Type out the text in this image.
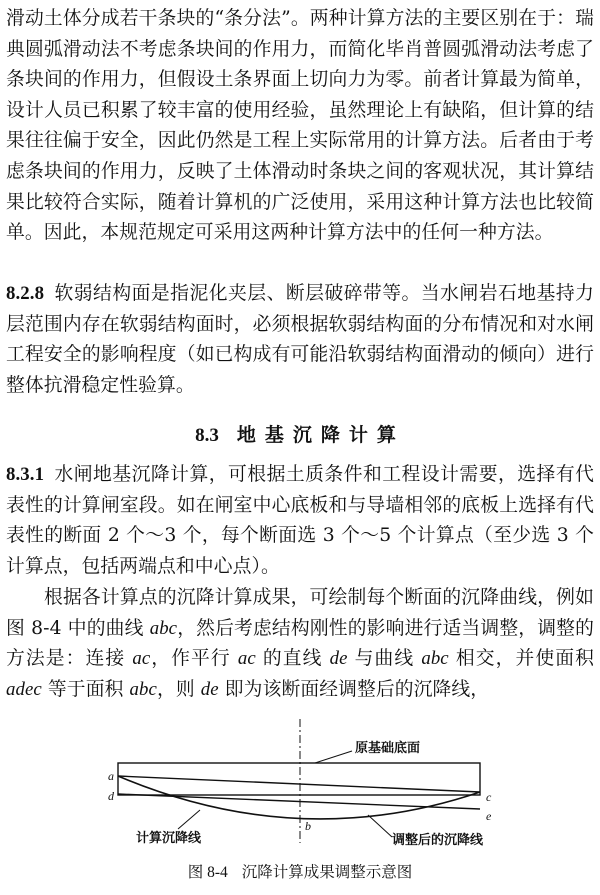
滑动土体分成若干条块的“条分法”。两种计算方法的主要区别在于：瑞典圆弧滑动法不考虑条块间的作用力，而简化毕肖普圆弧滑动法考虑了条块间的作用力，但假设土条界面上切向力为零。前者计算最为简单，设计人员已积累了较丰富的使用经验，虽然理论上有缺陷，但计算的结果往往偏于安全，因此仍然是工程上实际常用的计算方法。后者由于考虑条块间的作用力，反映了土体滑动时条块之间的客观状况，其计算结果比较符合实际，随着计算机的广泛使用，采用这种计算方法也比较简单。因此，本规范规定可采用这两种计算方法中的任何一种方法。

8.2.8 软弱结构面是指泥化夹层、断层破碎带等。当水闸岩石地基持力层范围内存在软弱结构面时，必须根据软弱结构面的分布情况和对水闸工程安全的影响程度（如已构成有可能沿软弱结构面滑动的倾向）进行整体抗滑稳定性验算。

8.3 地基沉降计算

8.3.1 水闸地基沉降计算，可根据土质条件和工程设计需要，选择有代表性的计算闸室段。如在闸室中心底板和与导墙相邻的底板上选择有代表性的断面 2 个～3 个，每个断面选 3 个～5 个计算点（至少选 3 个计算点，包括两端点和中心点）。

根据各计算点的沉降计算成果，可绘制每个断面的沉降曲线，例如图 8-4 中的曲线 abc，然后考虑结构刚性的影响进行适当调整，调整的方法是：连接 ac，作平行 ac 的直线 de 与曲线 abc 相交，并使面积 adec 等于面积 abc，则 de 即为该断面经调整后的沉降线，

原基础底面
计算沉降线	调整后的沉降线
a
d
b
c
e
图 8-4 沉降计算成果调整示意图
